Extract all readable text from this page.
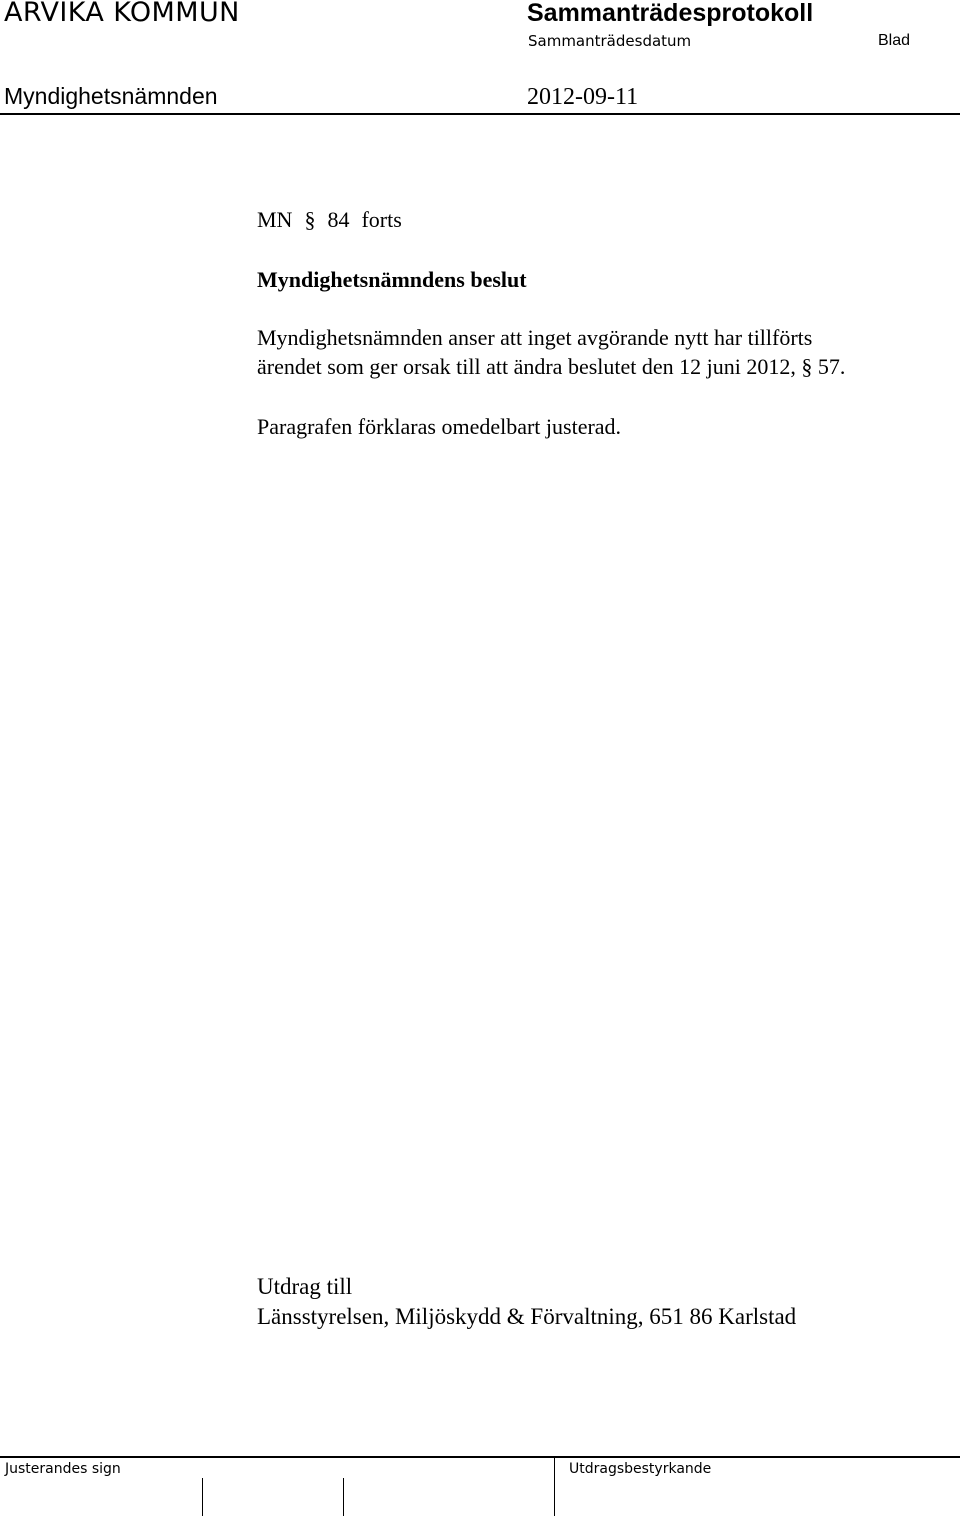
ARVIKA KOMMUN	Sammanträdesprotokoll
Sammanträdesdatum	Blad
Myndighetsnämnden	2012-09-11
MN § 84 forts
Myndighetsnämndens beslut
Myndighetsnämnden anser att inget avgörande nytt har tillförts
ärendet som ger orsak till att ändra beslutet den 12 juni 2012, § 57.
Paragrafen förklaras omedelbart justerad.
Utdrag till
Länsstyrelsen, Miljöskydd & Förvaltning, 651 86 Karlstad
Justerandes sign	Utdragsbestyrkande
